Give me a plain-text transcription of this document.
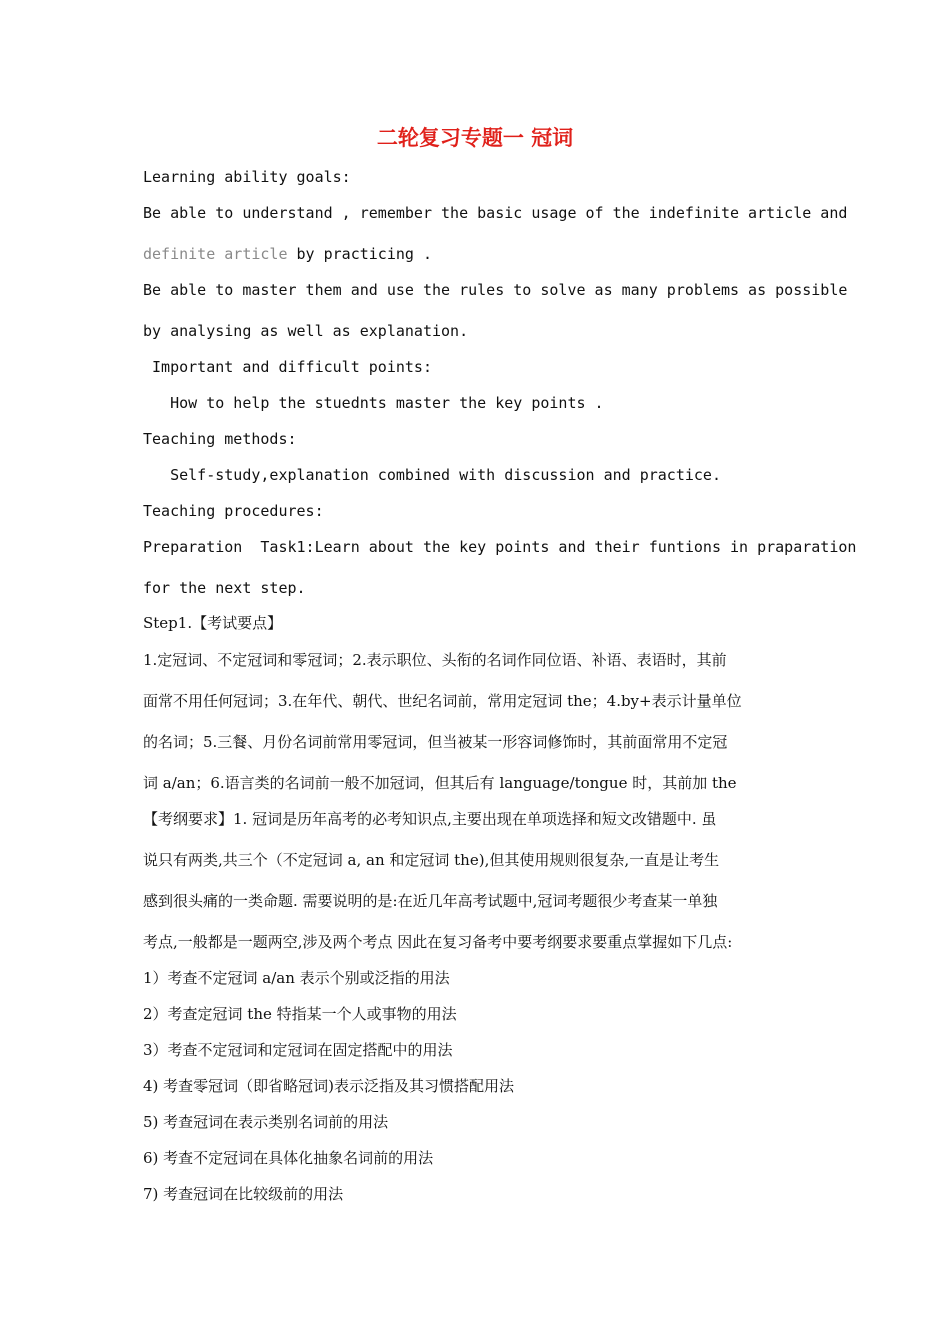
二轮复习专题一 冠词
Learning ability goals:
Be able to understand , remember the basic usage of the indefinite article and
definite article by practicing .
Be able to master them and use the rules to solve as many problems as possible
by analysing as well as explanation.
Important and difficult points:
How to help the stuednts master the key points .
Teaching methods:
Self-study,explanation combined with discussion and practice.
Teaching procedures:
Preparation  Task1:Learn about the key points and their funtions in praparation
for the next step.
Step1.【考试要点】
1.定冠词、不定冠词和零冠词；2.表示职位、头衔的名词作同位语、补语、表语时，其前
面常不用任何冠词；3.在年代、朝代、世纪名词前，常用定冠词 the；4.by+表示计量单位
的名词；5.三餐、月份名词前常用零冠词，但当被某一形容词修饰时，其前面常用不定冠
词 a/an；6.语言类的名词前一般不加冠词，但其后有 language/tongue 时，其前加 the
【考纲要求】1. 冠词是历年高考的必考知识点,主要出现在单项选择和短文改错题中. 虽
说只有两类,共三个（不定冠词 a, an 和定冠词 the),但其使用规则很复杂,一直是让考生
感到很头痛的一类命题. 需要说明的是:在近几年高考试题中,冠词考题很少考查某一单独
考点,一般都是一题两空,涉及两个考点 因此在复习备考中要考纲要求要重点掌握如下几点:
1）考查不定冠词 a/an 表示个别或泛指的用法
2）考查定冠词 the 特指某一个人或事物的用法
3）考查不定冠词和定冠词在固定搭配中的用法
4) 考查零冠词（即省略冠词)表示泛指及其习惯搭配用法
5) 考查冠词在表示类别名词前的用法
6) 考查不定冠词在具体化抽象名词前的用法
7) 考查冠词在比较级前的用法
